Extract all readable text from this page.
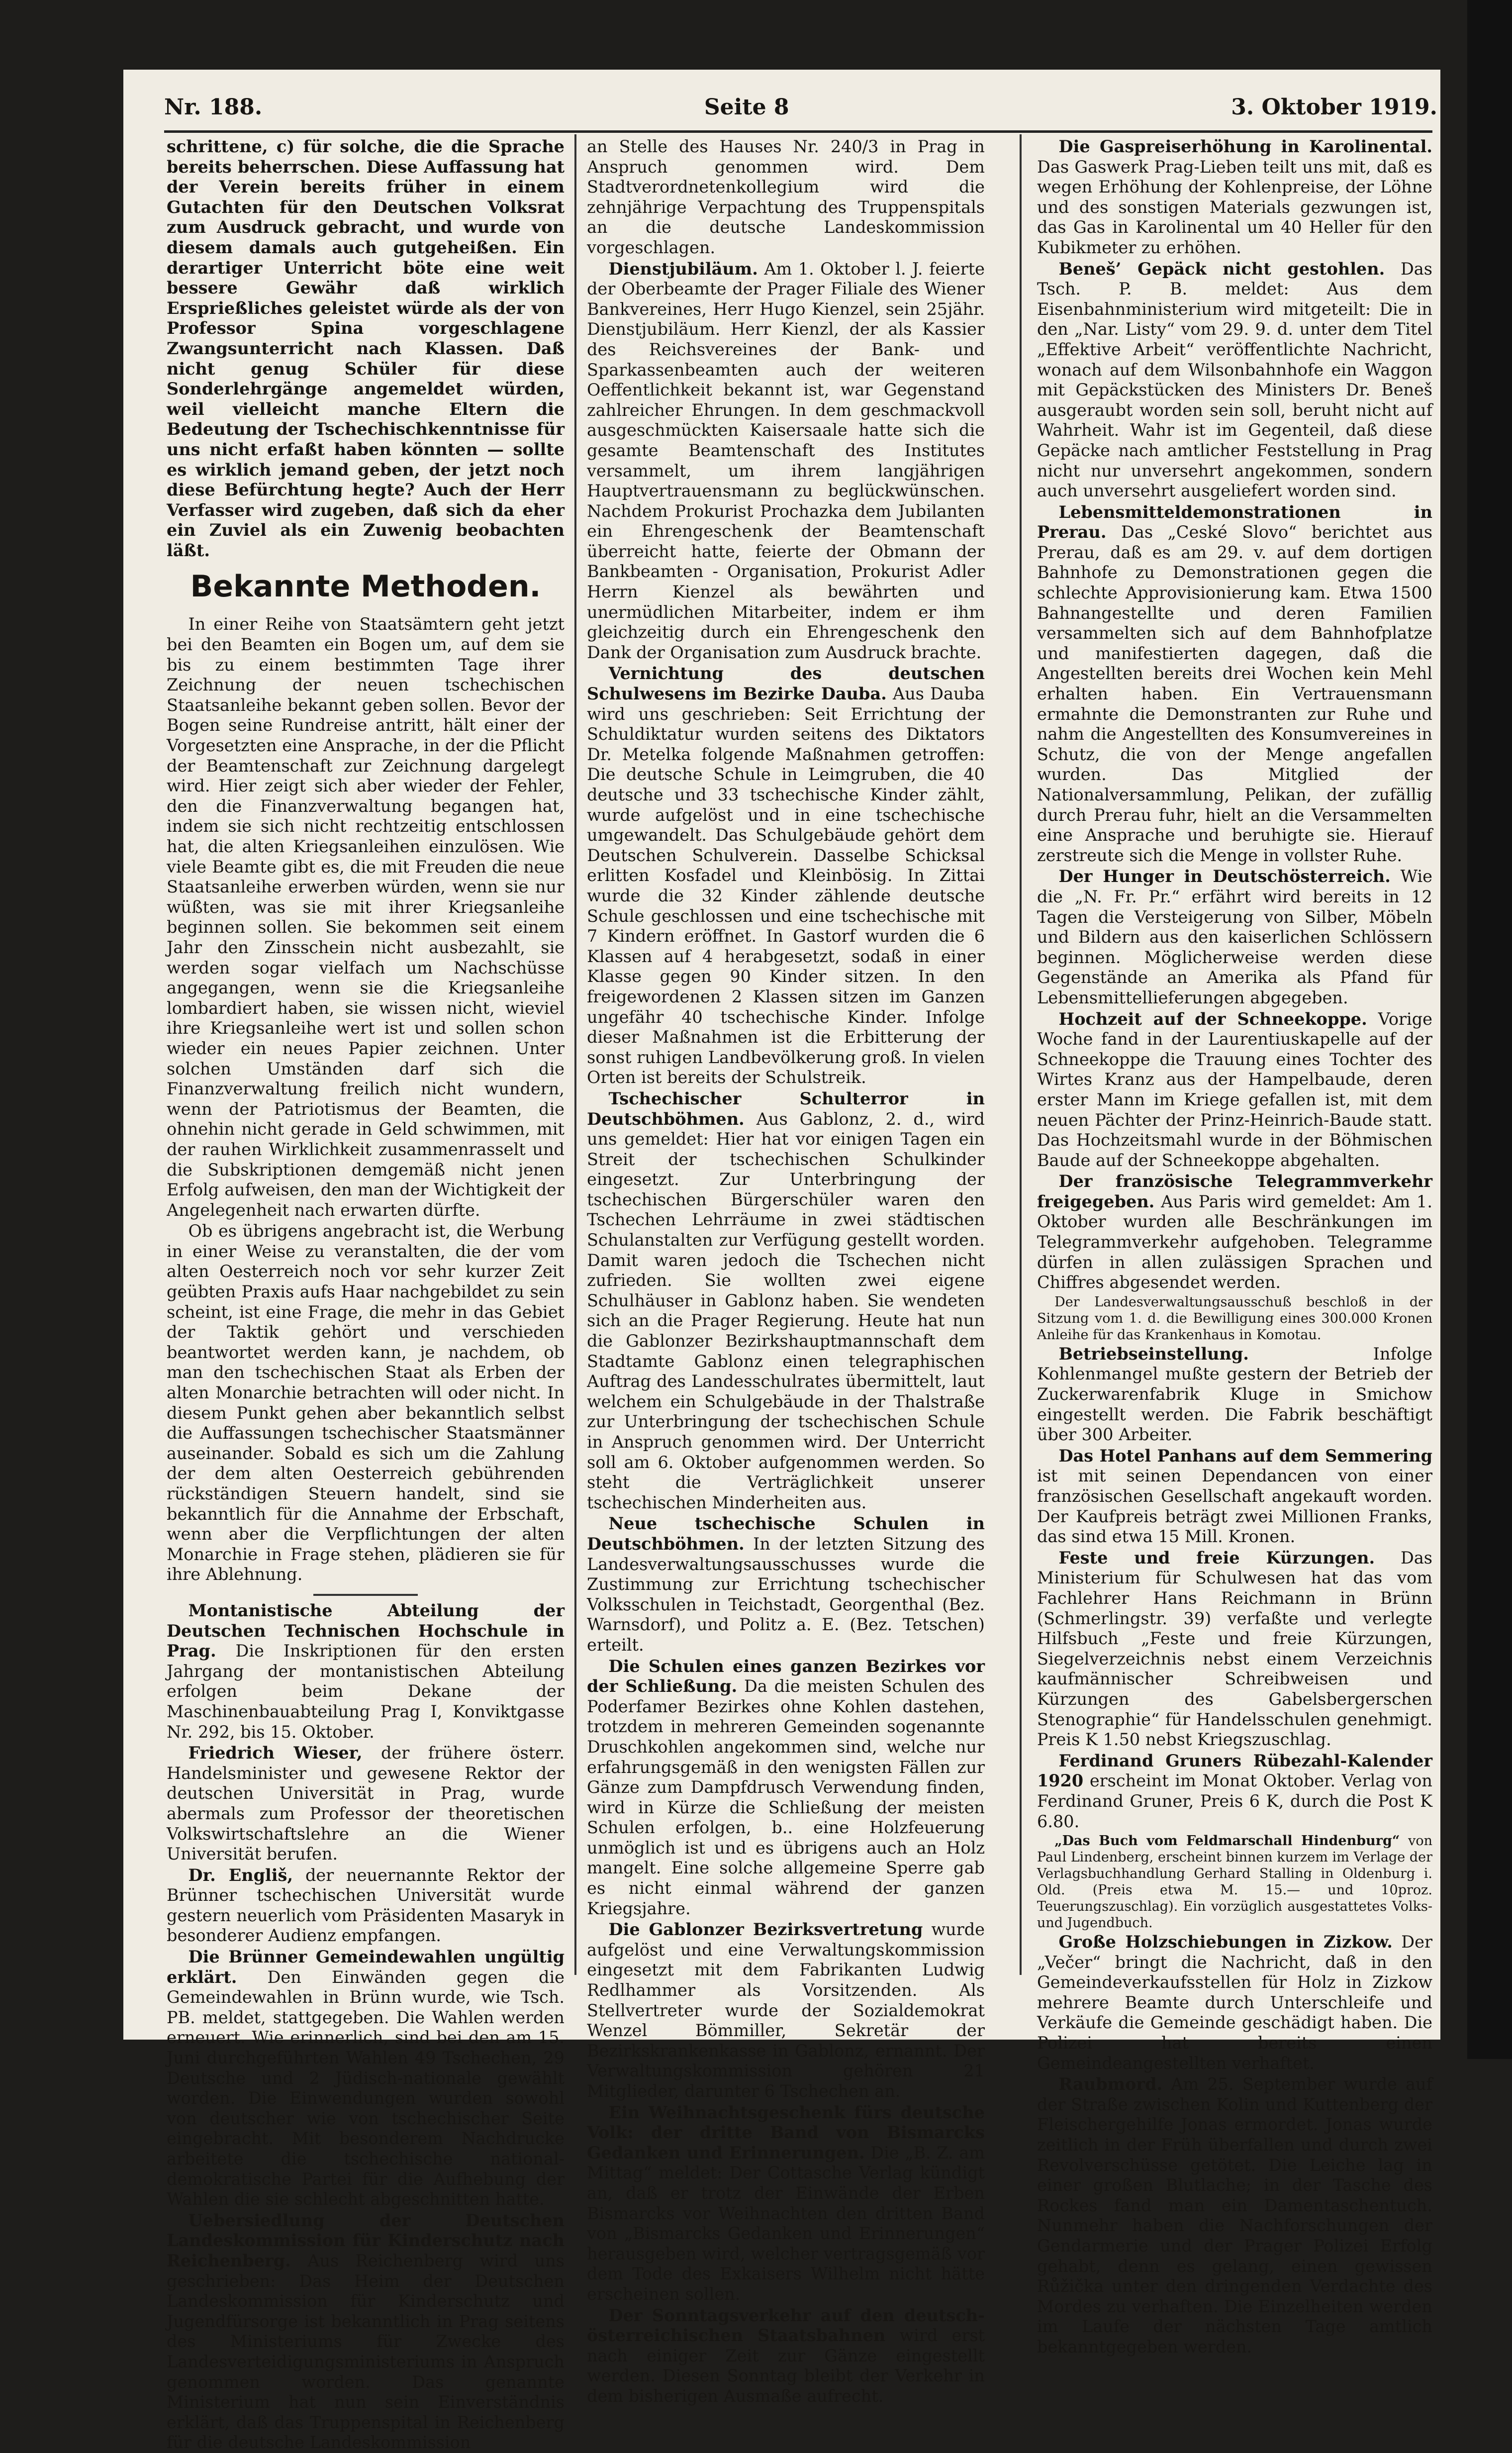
Nr. 188.	Seite 8	3. Oktober 1919.

schrittene, c) für solche, die die Sprache bereits beherrschen. Diese Auffassung hat der Verein bereits früher in einem Gutachten für den Deutschen Volksrat zum Ausdruck gebracht, und wurde von diesem damals auch gutgeheißen. Ein derartiger Unterricht böte eine weit bessere Gewähr daß wirklich Ersprießliches geleistet würde als der von Professor Spina vorgeschlagene Zwangsunterricht nach Klassen. Daß nicht genug Schüler für diese Sonderlehrgänge angemeldet würden, weil vielleicht manche Eltern die Bedeutung der Tschechischkenntnisse für uns nicht erfaßt haben könnten — sollte es wirklich jemand geben, der jetzt noch diese Befürchtung hegte? Auch der Herr Verfasser wird zugeben, daß sich da eher ein Zuviel als ein Zuwenig beobachten läßt.

Bekannte Methoden.

In einer Reihe von Staatsämtern geht jetzt bei den Beamten ein Bogen um, auf dem sie bis zu einem bestimmten Tage ihrer Zeichnung der neuen tschechischen Staatsanleihe bekannt geben sollen. Bevor der Bogen seine Rundreise antritt, hält einer der Vorgesetzten eine Ansprache, in der die Pflicht der Beamtenschaft zur Zeichnung dargelegt wird. Hier zeigt sich aber wieder der Fehler, den die Finanzverwaltung begangen hat, indem sie sich nicht rechtzeitig entschlossen hat, die alten Kriegsanleihen einzulösen. Wie viele Beamte gibt es, die mit Freuden die neue Staatsanleihe erwerben würden, wenn sie nur wüßten, was sie mit ihrer Kriegsanleihe beginnen sollen. Sie bekommen seit einem Jahr den Zinsschein nicht ausbezahlt, sie werden sogar vielfach um Nachschüsse angegangen, wenn sie die Kriegsanleihe lombardiert haben, sie wissen nicht, wieviel ihre Kriegsanleihe wert ist und sollen schon wieder ein neues Papier zeichnen. Unter solchen Umständen darf sich die Finanzverwaltung freilich nicht wundern, wenn der Patriotismus der Beamten, die ohnehin nicht gerade in Geld schwimmen, mit der rauhen Wirklichkeit zusammenrasselt und die Subskriptionen demgemäß nicht jenen Erfolg aufweisen, den man der Wichtigkeit der Angelegenheit nach erwarten dürfte.

Ob es übrigens angebracht ist, die Werbung in einer Weise zu veranstalten, die der vom alten Oesterreich noch vor sehr kurzer Zeit geübten Praxis aufs Haar nachgebildet zu sein scheint, ist eine Frage, die mehr in das Gebiet der Taktik gehört und verschieden beantwortet werden kann, je nachdem, ob man den tschechischen Staat als Erben der alten Monarchie betrachten will oder nicht. In diesem Punkt gehen aber bekanntlich selbst die Auffassungen tschechischer Staatsmänner auseinander. Sobald es sich um die Zahlung der dem alten Oesterreich gebührenden rückständigen Steuern handelt, sind sie bekanntlich für die Annahme der Erbschaft, wenn aber die Verpflichtungen der alten Monarchie in Frage stehen, plädieren sie für ihre Ablehnung.

Montanistische Abteilung der Deutschen Technischen Hochschule in Prag. Die Inskriptionen für den ersten Jahrgang der montanistischen Abteilung erfolgen beim Dekane der Maschinenbauabteilung Prag I, Konviktgasse Nr. 292, bis 15. Oktober.

Friedrich Wieser, der frühere österr. Handelsminister und gewesene Rektor der deutschen Universität in Prag, wurde abermals zum Professor der theoretischen Volkswirtschaftslehre an die Wiener Universität berufen.

Dr. Engliš, der neuernannte Rektor der Brünner tschechischen Universität wurde gestern neuerlich vom Präsidenten Masaryk in besonderer Audienz empfangen.

Die Brünner Gemeindewahlen ungültig erklärt. Den Einwänden gegen die Gemeindewahlen in Brünn wurde, wie Tsch. PB. meldet, stattgegeben. Die Wahlen werden erneuert. Wie erinnerlich, sind bei den am 15. Juni durchgeführten Wahlen 49 Tschechen, 29 Deutsche und 2 Jüdisch-nationale gewählt worden. Die Einwendungen wurden sowohl von deutscher wie von tschechischer Seite eingebracht. Mit besonderem Nachdrucke arbeitete die tschechische national-demokratische Partei für die Aufhebung der Wahlen die sie schlecht abgeschnitten hatte.

Uebersiedlung der Deutschen Landeskommission für Kinderschutz nach Reichenberg. Aus Reichenberg wird uns geschrieben: Das Heim der Deutschen Landeskommission für Kinderschutz und Jugendfürsorge ist bekanntlich in Prag seitens des Ministeriums für Zwecke des Landesverteidigungsministeriums in Anspruch genommen worden. Das genannte Ministerium hat nun sein Einverständnis erklärt, daß das Truppenspital in Reichenberg für die deutsche Landeskommission

an Stelle des Hauses Nr. 240/3 in Prag in Anspruch genommen wird. Dem Stadtverordnetenkollegium wird die zehnjährige Verpachtung des Truppenspitals an die deutsche Landeskommission vorgeschlagen.

Dienstjubiläum. Am 1. Oktober l. J. feierte der Oberbeamte der Prager Filiale des Wiener Bankvereines, Herr Hugo Kienzel, sein 25jähr. Dienstjubiläum. Herr Kienzl, der als Kassier des Reichsvereines der Bank- und Sparkassenbeamten auch der weiteren Oeffentlichkeit bekannt ist, war Gegenstand zahlreicher Ehrungen. In dem geschmackvoll ausgeschmückten Kaisersaale hatte sich die gesamte Beamtenschaft des Institutes versammelt, um ihrem langjährigen Hauptvertrauensmann zu beglückwünschen. Nachdem Prokurist Prochazka dem Jubilanten ein Ehrengeschenk der Beamtenschaft überreicht hatte, feierte der Obmann der Bankbeamten - Organisation, Prokurist Adler Herrn Kienzel als bewährten und unermüdlichen Mitarbeiter, indem er ihm gleichzeitig durch ein Ehrengeschenk den Dank der Organisation zum Ausdruck brachte.

Vernichtung des deutschen Schulwesens im Bezirke Dauba. Aus Dauba wird uns geschrieben: Seit Errichtung der Schuldiktatur wurden seitens des Diktators Dr. Metelka folgende Maßnahmen getroffen: Die deutsche Schule in Leimgruben, die 40 deutsche und 33 tschechische Kinder zählt, wurde aufgelöst und in eine tschechische umgewandelt. Das Schulgebäude gehört dem Deutschen Schulverein. Dasselbe Schicksal erlitten Kosfadel und Kleinbösig. In Zittai wurde die 32 Kinder zählende deutsche Schule geschlossen und eine tschechische mit 7 Kindern eröffnet. In Gastorf wurden die 6 Klassen auf 4 herabgesetzt, sodaß in einer Klasse gegen 90 Kinder sitzen. In den freigewordenen 2 Klassen sitzen im Ganzen ungefähr 40 tschechische Kinder. Infolge dieser Maßnahmen ist die Erbitterung der sonst ruhigen Landbevölkerung groß. In vielen Orten ist bereits der Schulstreik.

Tschechischer Schulterror in Deutschböhmen. Aus Gablonz, 2. d., wird uns gemeldet: Hier hat vor einigen Tagen ein Streit der tschechischen Schulkinder eingesetzt. Zur Unterbringung der tschechischen Bürgerschüler waren den Tschechen Lehrräume in zwei städtischen Schulanstalten zur Verfügung gestellt worden. Damit waren jedoch die Tschechen nicht zufrieden. Sie wollten zwei eigene Schulhäuser in Gablonz haben. Sie wendeten sich an die Prager Regierung. Heute hat nun die Gablonzer Bezirkshauptmannschaft dem Stadtamte Gablonz einen telegraphischen Auftrag des Landesschulrates übermittelt, laut welchem ein Schulgebäude in der Thalstraße zur Unterbringung der tschechischen Schule in Anspruch genommen wird. Der Unterricht soll am 6. Oktober aufgenommen werden. So steht die Verträglichkeit unserer tschechischen Minderheiten aus.

Neue tschechische Schulen in Deutschböhmen. In der letzten Sitzung des Landesverwaltungsausschusses wurde die Zustimmung zur Errichtung tschechischer Volksschulen in Teichstadt, Georgenthal (Bez. Warnsdorf), und Politz a. E. (Bez. Tetschen) erteilt.

Die Schulen eines ganzen Bezirkes vor der Schließung. Da die meisten Schulen des Poderfamer Bezirkes ohne Kohlen dastehen, trotzdem in mehreren Gemeinden sogenannte Druschkohlen angekommen sind, welche nur erfahrungsgemäß in den wenigsten Fällen zur Gänze zum Dampfdrusch Verwendung finden, wird in Kürze die Schließung der meisten Schulen erfolgen, b.. eine Holzfeuerung unmöglich ist und es übrigens auch an Holz mangelt. Eine solche allgemeine Sperre gab es nicht einmal während der ganzen Kriegsjahre.

Die Gablonzer Bezirksvertretung wurde aufgelöst und eine Verwaltungskommission eingesetzt mit dem Fabrikanten Ludwig Redlhammer als Vorsitzenden. Als Stellvertreter wurde der Sozialdemokrat Wenzel Bömmiller, Sekretär der Bezirkskrankenkasse in Gablonz, ernannt. Der Verwaltungskommission gehören 21 Mitglieder, darunter 6 Tschechen an.

Ein Weihnachtsgeschenk fürs deutsche Volk: der dritte Band von Bismarcks Gedanken und Erinnerungen. Die „B. Z. am Mittag“ meldet: Der Cottasche Verlag kündigt an, daß er trotz der Einwände der Erben Bismarcks vor Weihnachten den dritten Band von „Bismarcks Gedanken und Erinnerungen“ herausgeben wird, welcher vertragsgemäß vor dem Tode des Exkaisers Wilhelm nicht hätte erscheinen sollen.

Der Sonntagsverkehr auf den deutsch-österreichischen Staatsbahnen wird erst nach einiger Zeit zur Gänze eingestellt werden. Diesen Sonntag bleibt der Verkehr in dem bisherigen Ausmaße aufrecht.

Die Gaspreiserhöhung in Karolinental. Das Gaswerk Prag-Lieben teilt uns mit, daß es wegen Erhöhung der Kohlenpreise, der Löhne und des sonstigen Materials gezwungen ist, das Gas in Karolinental um 40 Heller für den Kubikmeter zu erhöhen.

Beneš’ Gepäck nicht gestohlen. Das Tsch. P. B. meldet: Aus dem Eisenbahnministerium wird mitgeteilt: Die in den „Nar. Listy“ vom 29. 9. d. unter dem Titel „Effektive Arbeit“ veröffentlichte Nachricht, wonach auf dem Wilsonbahnhofe ein Waggon mit Gepäckstücken des Ministers Dr. Beneš ausgeraubt worden sein soll, beruht nicht auf Wahrheit. Wahr ist im Gegenteil, daß diese Gepäcke nach amtlicher Feststellung in Prag nicht nur unversehrt angekommen, sondern auch unversehrt ausgeliefert worden sind.

Lebensmitteldemonstrationen in Prerau. Das „Ceské Slovo“ berichtet aus Prerau, daß es am 29. v. auf dem dortigen Bahnhofe zu Demonstrationen gegen die schlechte Approvisionierung kam. Etwa 1500 Bahnangestellte und deren Familien versammelten sich auf dem Bahnhofplatze und manifestierten dagegen, daß die Angestellten bereits drei Wochen kein Mehl erhalten haben. Ein Vertrauensmann ermahnte die Demonstranten zur Ruhe und nahm die Angestellten des Konsumvereines in Schutz, die von der Menge angefallen wurden. Das Mitglied der Nationalversammlung, Pelikan, der zufällig durch Prerau fuhr, hielt an die Versammelten eine Ansprache und beruhigte sie. Hierauf zerstreute sich die Menge in vollster Ruhe.

Der Hunger in Deutschösterreich. Wie die „N. Fr. Pr.“ erfährt wird bereits in 12 Tagen die Versteigerung von Silber, Möbeln und Bildern aus den kaiserlichen Schlössern beginnen. Möglicherweise werden diese Gegenstände an Amerika als Pfand für Lebensmittellieferungen abgegeben.

Hochzeit auf der Schneekoppe. Vorige Woche fand in der Laurentiuskapelle auf der Schneekoppe die Trauung eines Tochter des Wirtes Kranz aus der Hampelbaude, deren erster Mann im Kriege gefallen ist, mit dem neuen Pächter der Prinz-Heinrich-Baude statt. Das Hochzeitsmahl wurde in der Böhmischen Baude auf der Schneekoppe abgehalten.

Der französische Telegrammverkehr freigegeben. Aus Paris wird gemeldet: Am 1. Oktober wurden alle Beschränkungen im Telegrammverkehr aufgehoben. Telegramme dürfen in allen zulässigen Sprachen und Chiffres abgesendet werden.

Der Landesverwaltungsausschuß beschloß in der Sitzung vom 1. d. die Bewilligung eines 300.000 Kronen Anleihe für das Krankenhaus in Komotau.

Betriebseinstellung.	Infolge Kohlenmangel mußte gestern der Betrieb der Zuckerwarenfabrik Kluge in Smichow eingestellt werden. Die Fabrik beschäftigt über 300 Arbeiter.

Das Hotel Panhans auf dem Semmering ist mit seinen Dependancen von einer französischen Gesellschaft angekauft worden. Der Kaufpreis beträgt zwei Millionen Franks, das sind etwa 15 Mill. Kronen.

Feste und freie Kürzungen. Das Ministerium für Schulwesen hat das vom Fachlehrer Hans Reichmann in Brünn (Schmerlingstr. 39) verfaßte und verlegte Hilfsbuch „Feste und freie Kürzungen, Siegelverzeichnis nebst einem Verzeichnis kaufmännischer Schreibweisen und Kürzungen des Gabelsbergerschen Stenographie“ für Handelsschulen genehmigt. Preis K 1.50 nebst Kriegszuschlag.

Ferdinand Gruners Rübezahl-Kalender 1920 erscheint im Monat Oktober. Verlag von Ferdinand Gruner, Preis 6 K, durch die Post K 6.80.

„Das Buch vom Feldmarschall Hindenburg“ von Paul Lindenberg, erscheint binnen kurzem im Verlage der Verlagsbuchhandlung Gerhard Stalling in Oldenburg i. Old. (Preis etwa M. 15.— und 10proz. Teuerungszuschlag). Ein vorzüglich ausgestattetes Volks- und Jugendbuch.

Große Holzschiebungen in Zizkow. Der „Večer“ bringt die Nachricht, daß in den Gemeindeverkaufsstellen für Holz in Zizkow mehrere Beamte durch Unterschleife und Verkäufe die Gemeinde geschädigt haben. Die Polizei hat bereits einen Gemeindeangestellten verhaftet.

Raubmord. Am 25. September wurde auf der Straße zwischen Kolin und Kuttenberg der Fleischergehilfe Jonas ermordet. Jonas wurde zeitlich in der Früh überfallen und durch zwei Revolverschüsse getötet. Die Leiche lag in einer großen Blutlache; in der Tasche des Rockes fand man ein Damentaschentuch. Nunmehr haben die Nachforschungen der Gendarmerie und der Prager Polizei Erfolg gehabt, denn es gelang, einen gewissen Růžička unter den dringenden Verdachte des Mordes zu verhaften. Die Einzelheiten werden im Laufe der nächsten Tage amtlich bekanntgegeben werden.
